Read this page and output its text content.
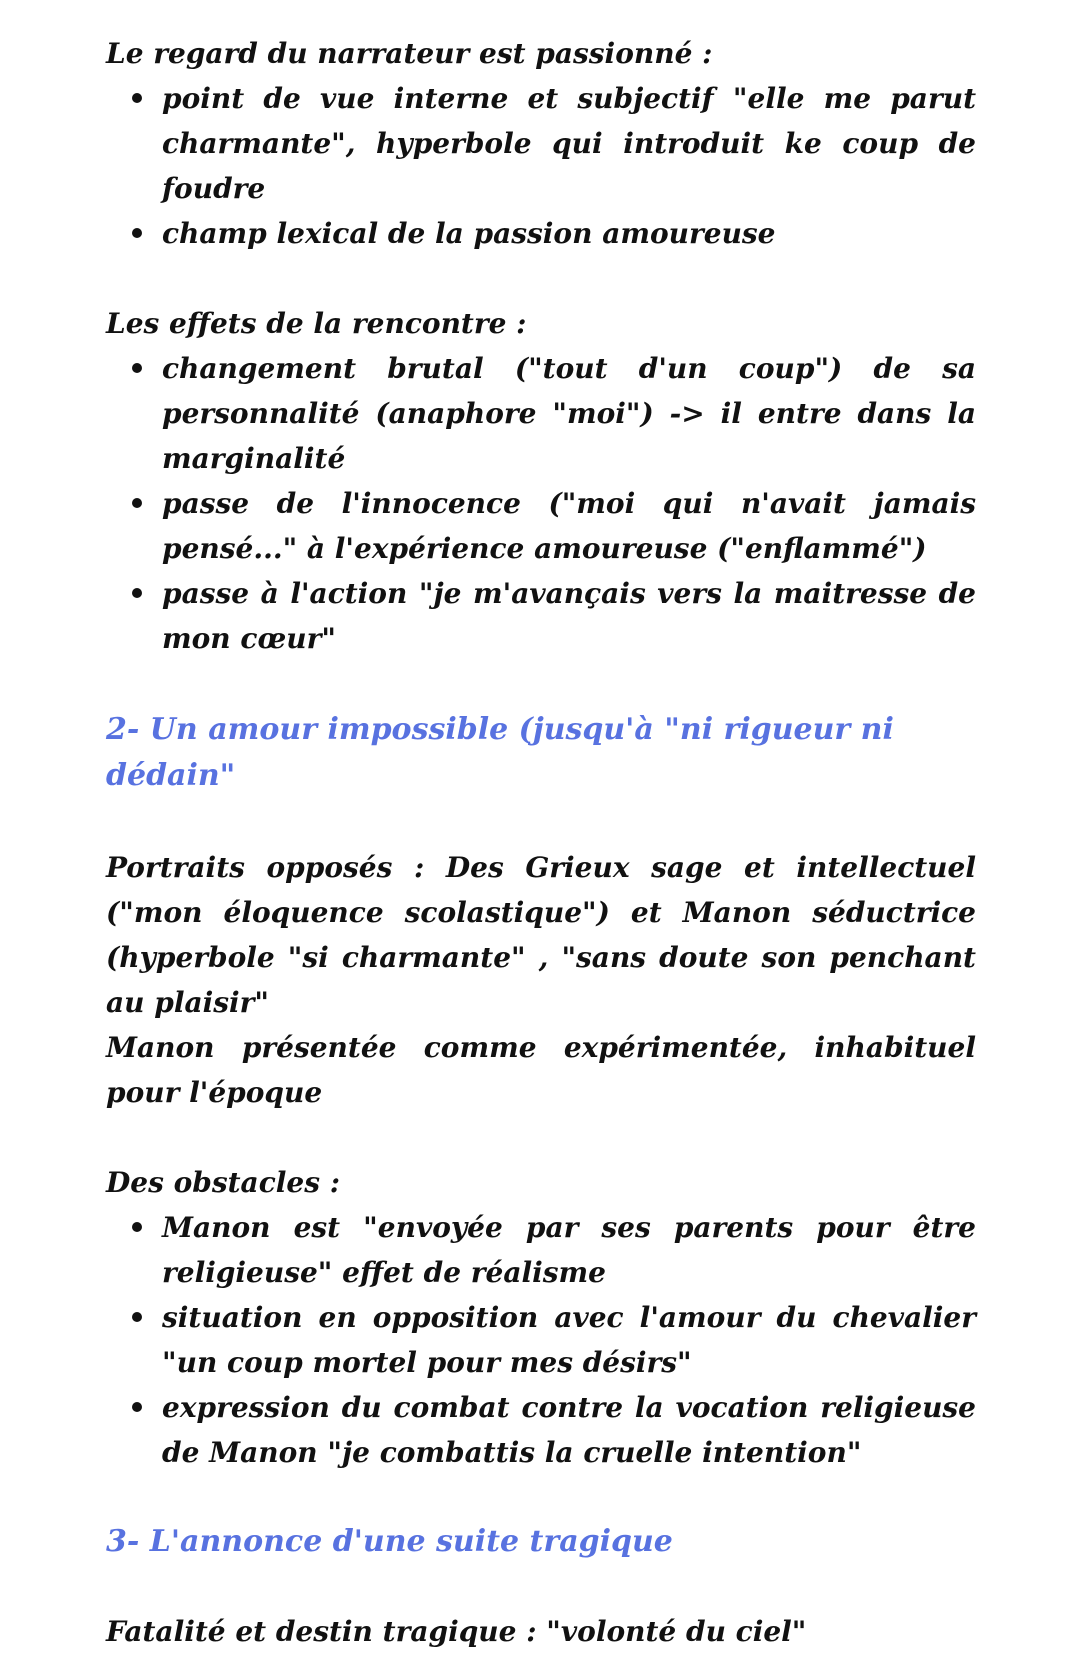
Le regard du narrateur est passionné :

point de vue interne et subjectif "elle me parut charmante", hyperbole qui introduit ke coup de foudre
champ lexical de la passion amoureuse

Les effets de la rencontre :

changement brutal ("tout d'un coup") de sa personnalité (anaphore "moi") -> il entre dans la marginalité
passe de l'innocence ("moi qui n'avait jamais pensé..." à l'expérience amoureuse ("enflammé")
passe à l'action "je m'avançais vers la maitresse de mon cœur"

2- Un amour impossible (jusqu'à "ni rigueur ni dédain"

Portraits opposés : Des Grieux sage et intellectuel ("mon éloquence scolastique") et Manon séductrice (hyperbole "si charmante" , "sans doute son penchant au plaisir"

Manon présentée comme expérimentée, inhabituel pour l'époque

Des obstacles :

Manon est "envoyée par ses parents pour être religieuse" effet de réalisme
situation en opposition avec l'amour du chevalier "un coup mortel pour mes désirs"
expression du combat contre la vocation religieuse de Manon "je combattis la cruelle intention"

3- L'annonce d'une suite tragique

Fatalité et destin tragique : "volonté du ciel"
